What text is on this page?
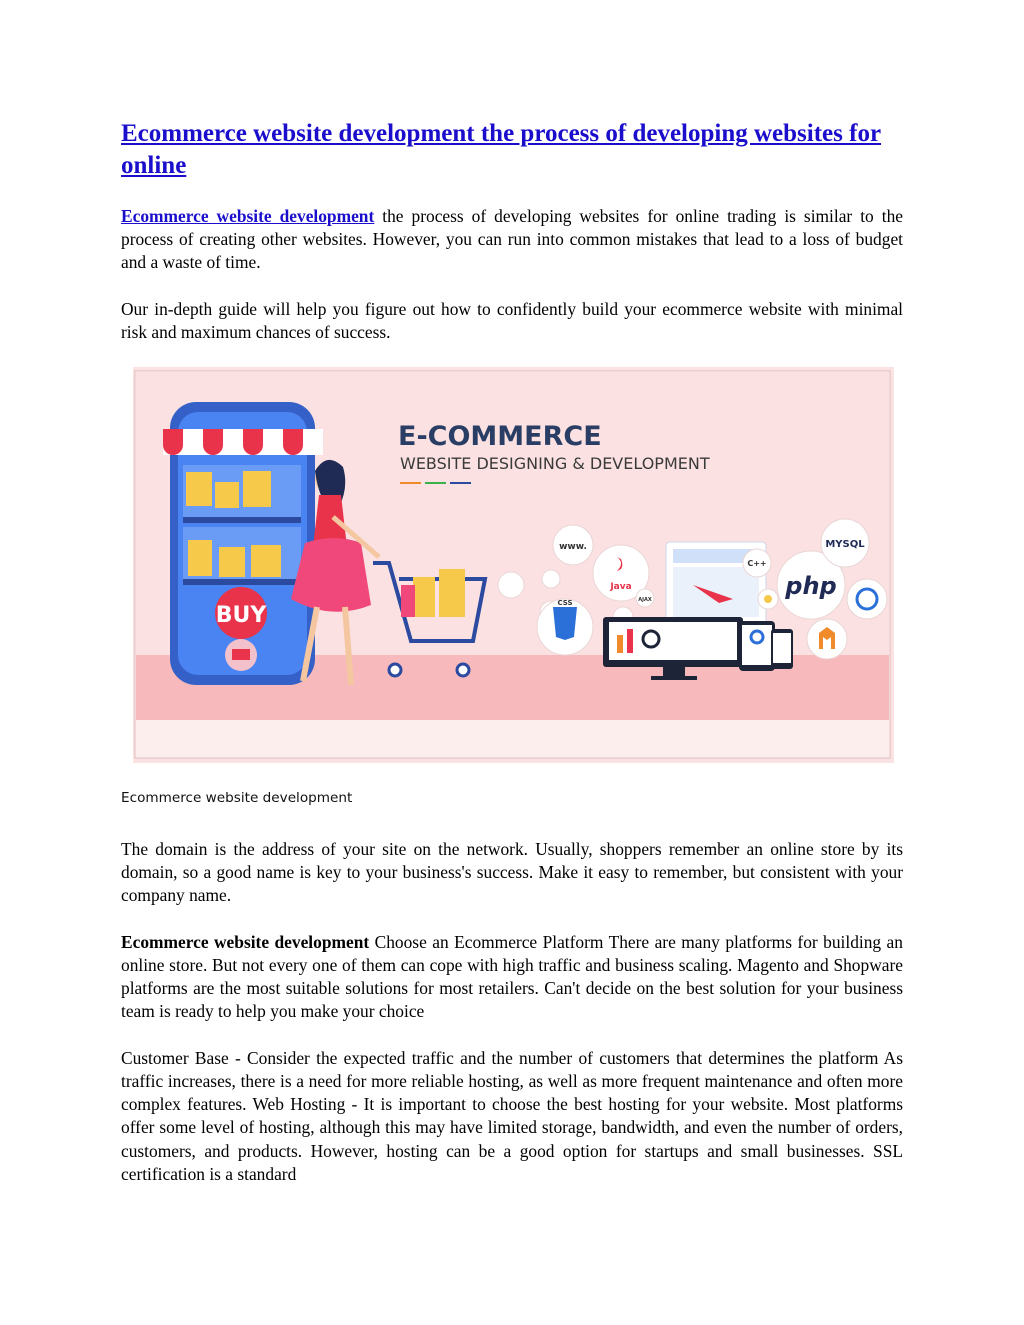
Ecommerce website development the process of developing websites for online

Ecommerce website development the process of developing websites for online trading is similar to the process of creating other websites. However, you can run into common mistakes that lead to a loss of budget and a waste of time.

Our in-depth guide will help you figure out how to confidently build your ecommerce website with minimal risk and maximum chances of success.

BUY
E-COMMERCE
WEBSITE DESIGNING & DEVELOPMENT
www.
Java
CSS	AJAX
C++
php
MYSQL
Ecommerce website development

The domain is the address of your site on the network. Usually, shoppers remember an online store by its domain, so a good name is key to your business's success. Make it easy to remember, but consistent with your company name.

Ecommerce website development Choose an Ecommerce Platform There are many platforms for building an online store. But not every one of them can cope with high traffic and business scaling. Magento and Shopware platforms are the most suitable solutions for most retailers. Can't decide on the best solution for your business team is ready to help you make your choice

Customer Base - Consider the expected traffic and the number of customers that determines the platform As traffic increases, there is a need for more reliable hosting, as well as more frequent maintenance and often more complex features. Web Hosting - It is important to choose the best hosting for your website. Most platforms offer some level of hosting, although this may have limited storage, bandwidth, and even the number of orders, customers, and products. However, hosting can be a good option for startups and small businesses. SSL certification is a standard
